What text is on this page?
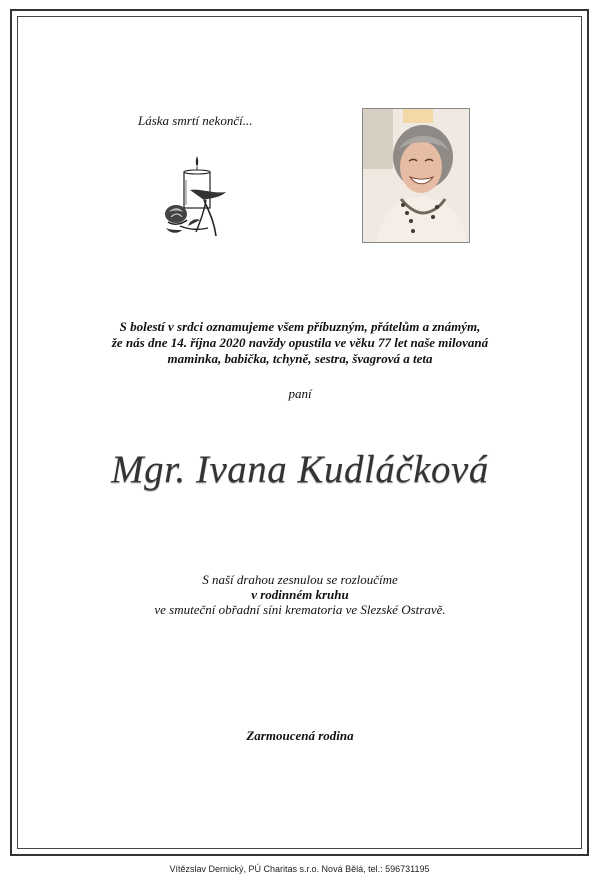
Láska smrtí nekončí...
S bolestí v srdci oznamujeme všem příbuzným, přátelům a známým,
že nás dne 14. října 2020 navždy opustila ve věku 77 let naše milovaná
maminka, babička, tchyně, sestra, švagrová a teta
paní
Mgr. Ivana Kudláčková
S naší drahou zesnulou se rozloučíme
v rodinném kruhu
ve smuteční obřadní síni krematoria ve Slezské Ostravě.
Zarmoucená rodina
Vítězslav Dernický, PÚ Charitas s.r.o. Nová Bělá, tel.: 596731195
